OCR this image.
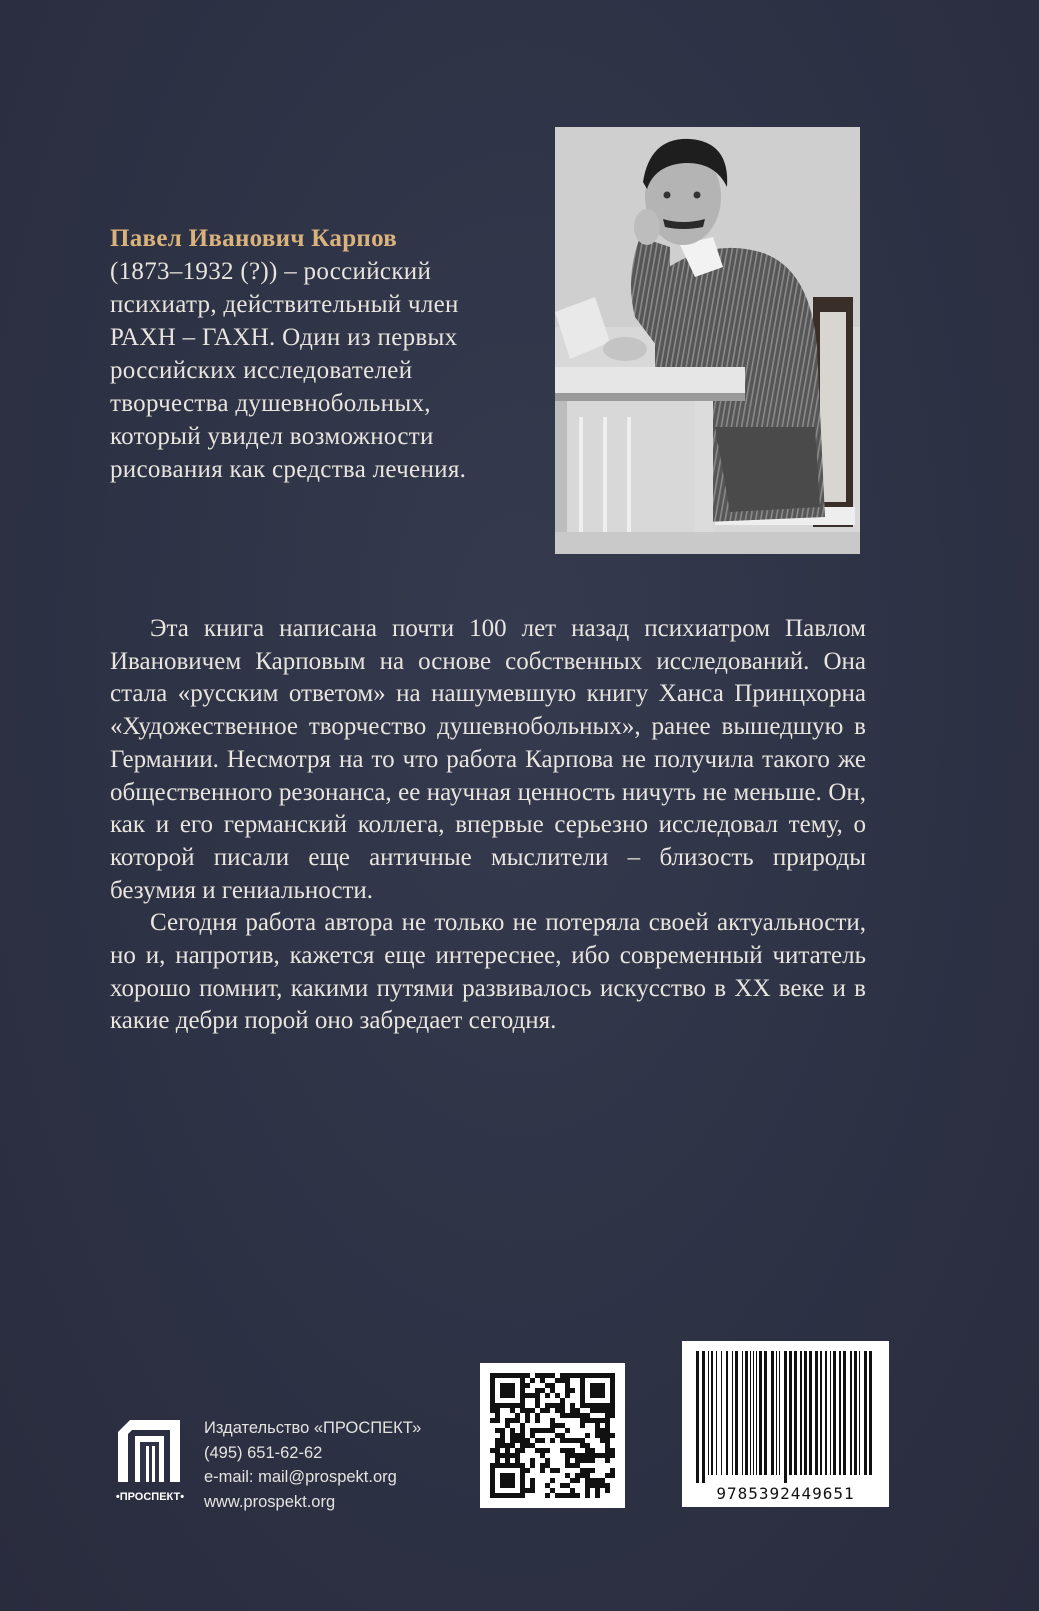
Павел Иванович Карпов
(1873–1932 (?)) – российский психиатр, действительный член РАХН – ГАХН. Один из первых российских исследователей творчества душевнобольных, который увидел возможности рисования как средства лечения.

Эта книга написана почти 100 лет назад психиатром Павлом Ивановичем Карповым на основе собственных исследований. Она стала «русским ответом» на нашумевшую книгу Ханса Принцхорна «Художественное творчество душевнобольных», ранее вышедшую в Германии. Несмотря на то что работа Карпова не получила такого же общественного резонанса, ее научная ценность ничуть не меньше. Он, как и его германский коллега, впервые серьезно исследовал тему, о которой писали еще античные мыслители – близость природы безумия и гениальности.

Сегодня работа автора не только не потеряла своей актуальности, но и, напротив, кажется еще интереснее, ибо современный читатель хорошо помнит, какими путями развивалось искусство в XX веке и в какие дебри порой оно забредает сегодня.

•ПРОСПЕКТ•
Издательство «ПРОСПЕКТ»
(495) 651-62-62
e-mail: mail@prospekt.org
www.prospekt.org	9785392449651
